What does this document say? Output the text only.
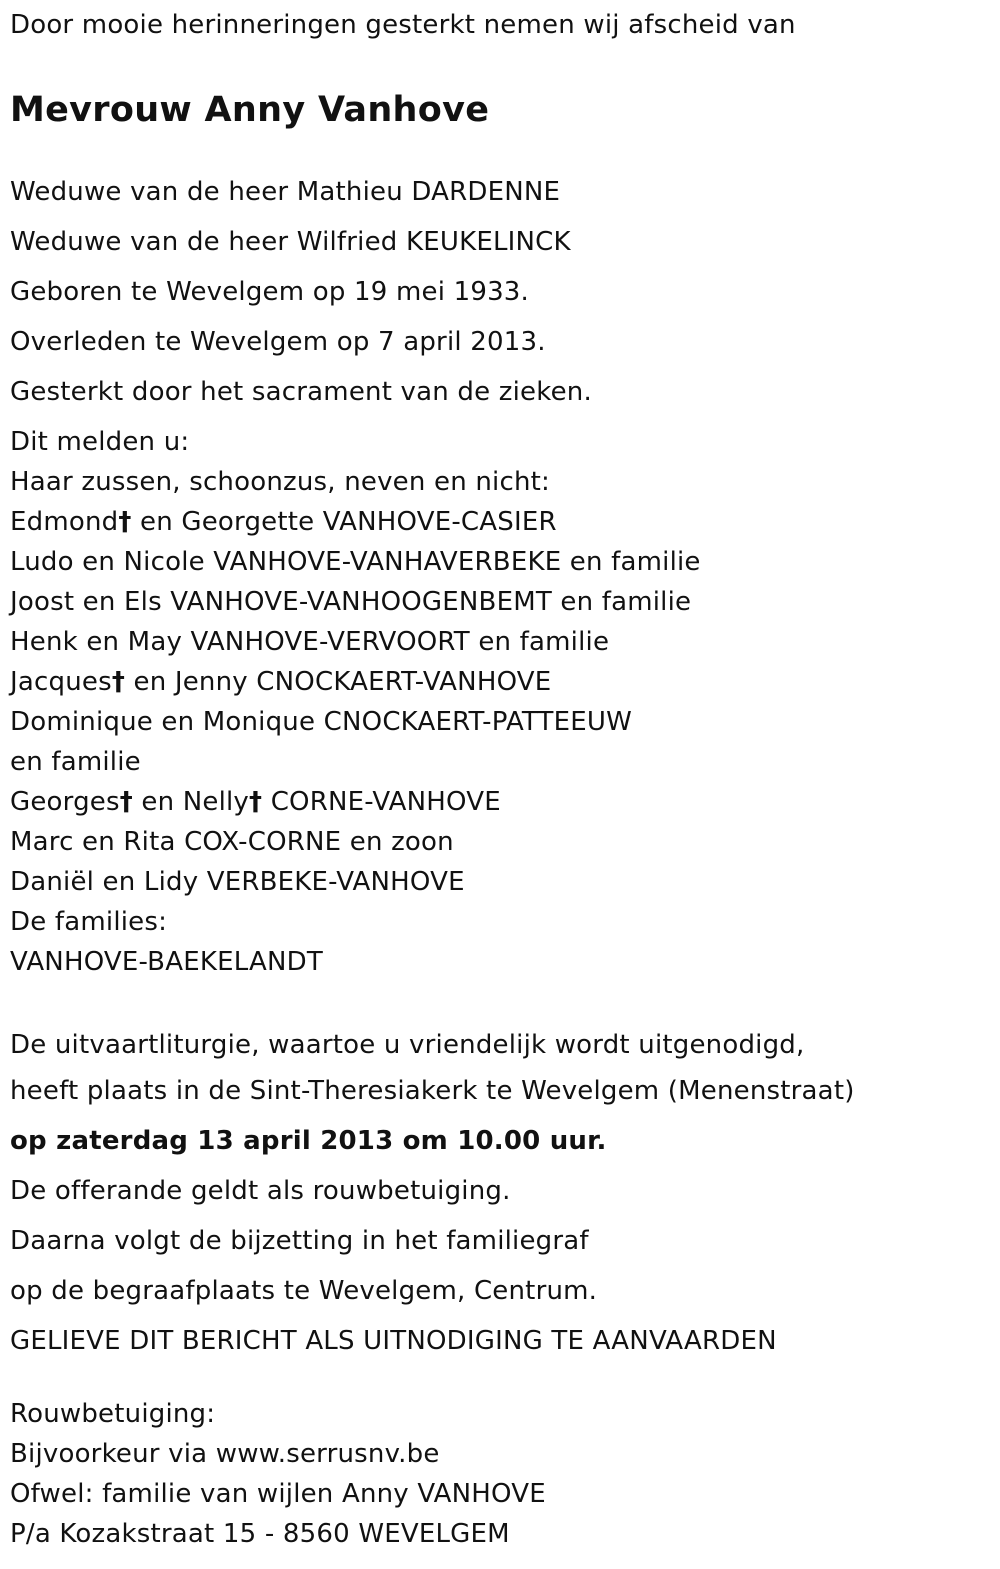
Door mooie herinneringen gesterkt nemen wij afscheid van
Mevrouw Anny Vanhove
Weduwe van de heer Mathieu DARDENNE
Weduwe van de heer Wilfried KEUKELINCK
Geboren te Wevelgem op 19 mei 1933.
Overleden te Wevelgem op 7 april 2013.
Gesterkt door het sacrament van de zieken.
Dit melden u:
Haar zussen, schoonzus, neven en nicht:
Edmond† en Georgette VANHOVE-CASIER
Ludo en Nicole VANHOVE-VANHAVERBEKE en familie
Joost en Els VANHOVE-VANHOOGENBEMT en familie
Henk en May VANHOVE-VERVOORT en familie
Jacques† en Jenny CNOCKAERT-VANHOVE
Dominique en Monique CNOCKAERT-PATTEEUW
en familie
Georges† en Nelly† CORNE-VANHOVE
Marc en Rita COX-CORNE en zoon
Daniël en Lidy VERBEKE-VANHOVE
De families:
VANHOVE-BAEKELANDT
De uitvaartliturgie, waartoe u vriendelijk wordt uitgenodigd,
heeft plaats in de Sint-Theresiakerk te Wevelgem (Menenstraat)
op zaterdag 13 april 2013 om 10.00 uur.
De offerande geldt als rouwbetuiging.
Daarna volgt de bijzetting in het familiegraf
op de begraafplaats te Wevelgem, Centrum.
GELIEVE DIT BERICHT ALS UITNODIGING TE AANVAARDEN
Rouwbetuiging:
Bijvoorkeur via www.serrusnv.be
Ofwel: familie van wijlen Anny VANHOVE
P/a Kozakstraat 15 - 8560 WEVELGEM
